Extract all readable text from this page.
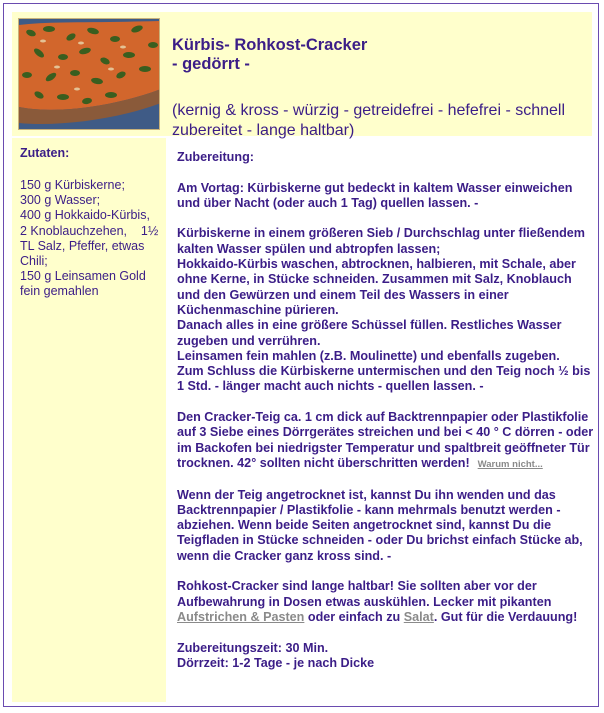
Kürbis- Rohkost-Cracker
- gedörrt -
(kernig & kross - würzig - getreidefrei - hefefrei - schnell zubereitet - lange haltbar)
Zutaten:
150 g Kürbiskerne;
300 g Wasser;
400 g Hokkaido-Kürbis,
2 Knoblauchzehen,    1½
TL Salz, Pfeffer, etwas
Chili;
150 g Leinsamen Gold
fein gemahlen

Zubereitung:

Am Vortag: Kürbiskerne gut bedeckt in kaltem Wasser einweichen und über Nacht (oder auch 1 Tag) quellen lassen. -

Kürbiskerne in einem größeren Sieb / Durchschlag unter fließendem kalten Wasser spülen und abtropfen lassen;
Hokkaido-Kürbis waschen, abtrocknen, halbieren, mit Schale, aber ohne Kerne, in Stücke schneiden. Zusammen mit Salz, Knoblauch und den Gewürzen und einem Teil des Wassers in einer Küchenmaschine pürieren.
Danach alles in eine größere Schüssel füllen. Restliches Wasser zugeben und verrühren.
Leinsamen fein mahlen (z.B. Moulinette) und ebenfalls zugeben.
Zum Schluss die Kürbiskerne untermischen und den Teig noch ½ bis 1 Std. - länger macht auch nichts - quellen lassen. -

Den Cracker-Teig ca. 1 cm dick auf Backtrennpapier oder Plastikfolie auf 3 Siebe eines Dörrgerätes streichen und bei < 40 ° C dörren - oder im Backofen bei niedrigster Temperatur und spaltbreit geöffneter Tür trocknen. 42° sollten nicht überschritten werden! Warum nicht...

Wenn der Teig angetrocknet ist, kannst Du ihn wenden und das Backtrennpapier / Plastikfolie - kann mehrmals benutzt werden - abziehen. Wenn beide Seiten angetrocknet sind, kannst Du die Teigfladen in Stücke schneiden - oder Du brichst einfach Stücke ab, wenn die Cracker ganz kross sind. -

Rohkost-Cracker sind lange haltbar! Sie sollten aber vor der Aufbewahrung in Dosen etwas auskühlen. Lecker mit pikanten Aufstrichen & Pasten oder einfach zu Salat. Gut für die Verdauung!

Zubereitungszeit: 30 Min.
Dörrzeit: 1-2 Tage - je nach Dicke
